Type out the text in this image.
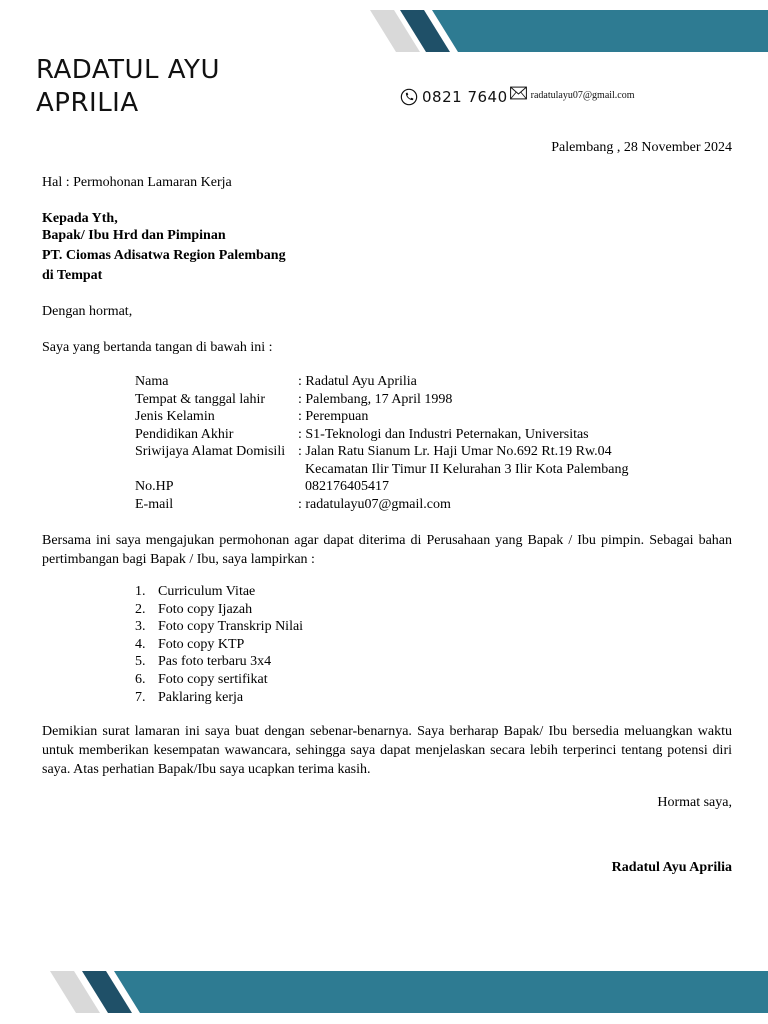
RADATUL AYU
APRILIA	0821 7640 radatulayu07@gmail.com
Palembang , 28 November 2024
Hal : Permohonan Lamaran Kerja
Kepada Yth,
Bapak/ Ibu Hrd dan Pimpinan
PT. Ciomas Adisatwa Region Palembang
di Tempat
Dengan hormat,
Saya yang bertanda tangan di bawah ini :
Nama	: Radatul Ayu Aprilia
Tempat & tanggal lahir : Palembang, 17 April 1998
Jenis Kelamin	: Perempuan
Pendidikan Akhir	: S1-Teknologi dan Industri Peternakan, Universitas
Sriwijaya Alamat Domisili : Jalan Ratu Sianum Lr. Haji Umar No.692 Rt.19 Rw.04
Kecamatan Ilir Timur II Kelurahan 3 Ilir Kota Palembang
No.HP	082176405417
E-mail	: radatulayu07@gmail.com
Bersama ini saya mengajukan permohonan agar dapat diterima di Perusahaan yang Bapak / Ibu pimpin. Sebagai bahan pertimbangan bagi Bapak / Ibu, saya lampirkan :
1. Curriculum Vitae
2. Foto copy Ijazah
3. Foto copy Transkrip Nilai
4. Foto copy KTP
5. Pas foto terbaru 3x4
6. Foto copy sertifikat
7. Paklaring kerja
Demikian surat lamaran ini saya buat dengan sebenar-benarnya. Saya berharap Bapak/ Ibu bersedia meluangkan waktu untuk memberikan kesempatan wawancara, sehingga saya dapat menjelaskan secara lebih terperinci tentang potensi diri saya. Atas perhatian Bapak/Ibu saya ucapkan terima kasih.
Hormat saya,
Radatul Ayu Aprilia
